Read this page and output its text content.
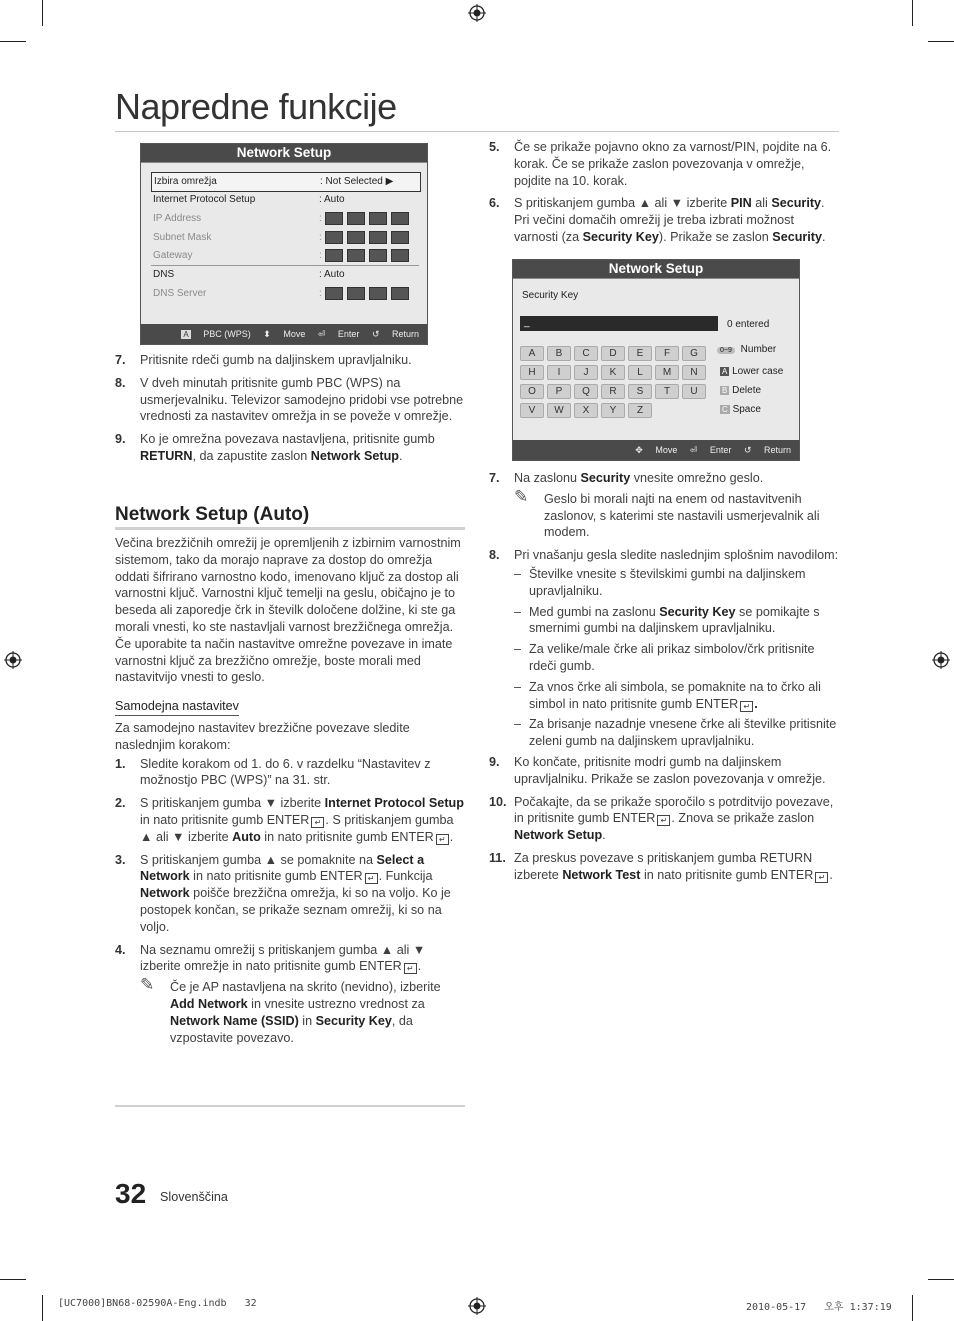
Napredne funkcije
Network Setup
Izbira omrežja	: Not Selected ▶
Internet Protocol Setup	: Auto
IP Address	:
Subnet Mask	:
Gateway	:
DNS	: Auto
DNS Server	:
A PBC (WPS) ⬍ Move ⏎ Enter ↺ Return
7. Pritisnite rdeči gumb na daljinskem upravljalniku.
8. V dveh minutah pritisnite gumb PBC (WPS) na usmerjevalniku. Televizor samodejno pridobi vse potrebne vrednosti za nastavitev omrežja in se poveže v omrežje.
9. Ko je omrežna povezava nastavljena, pritisnite gumb RETURN, da zapustite zaslon Network Setup.
Network Setup (Auto)

Večina brezžičnih omrežij je opremljenih z izbirnim varnostnim sistemom, tako da morajo naprave za dostop do omrežja oddati šifrirano varnostno kodo, imenovano ključ za dostop ali varnostni ključ. Varnostni ključ temelji na geslu, običajno je to beseda ali zaporedje črk in številk določene dolžine, ki ste ga morali vnesti, ko ste nastavljali varnost brezžičnega omrežja. Če uporabite ta način nastavitve omrežne povezave in imate varnostni ključ za brezžično omrežje, boste morali med nastavitvijo vnesti to geslo.

Samodejna nastavitev

Za samodejno nastavitev brezžične povezave sledite naslednjim korakom:

1. Sledite korakom od 1. do 6. v razdelku “Nastavitev z možnostjo PBC (WPS)” na 31. str.
2. S pritiskanjem gumba ▼ izberite Internet Protocol Setup in nato pritisnite gumb ENTER ↵ . S pritiskanjem gumba ▲ ali ▼ izberite Auto in nato pritisnite gumb ENTER ↵ .
3. S pritiskanjem gumba ▲ se pomaknite na Select a Network in nato pritisnite gumb ENTER ↵ . Funkcija Network poišče brezžična omrežja, ki so na voljo. Ko je postopek končan, se prikaže seznam omrežij, ki so na voljo.
4. Na seznamu omrežij s pritiskanjem gumba ▲ ali ▼ izberite omrežje in nato pritisnite gumb ENTER ↵ .
✎ Če je AP nastavljena na skrito (nevidno), izberite Add Network in vnesite ustrezno vrednost za Network Name (SSID) in Security Key, da vzpostavite povezavo.
5. Če se prikaže pojavno okno za varnost/PIN, pojdite na 6. korak. Če se prikaže zaslon povezovanja v omrežje, pojdite na 10. korak.
6. S pritiskanjem gumba ▲ ali ▼ izberite PIN ali Security. Pri večini domačih omrežij je treba izbrati možnost varnosti (za Security Key). Prikaže se zaslon Security.
Network Setup
Security Key
_	0 entered
A	B	C	D	E	F	G
H	I	J	K	L	M	N
O	P	Q	R	S	T	U
V	W	X	Y	Z
0~9 Number
A Lower case
B Delete
C Space
✥ Move ⏎ Enter ↺ Return
7. Na zaslonu Security vnesite omrežno geslo.
✎ Geslo bi morali najti na enem od nastavitvenih zaslonov, s katerimi ste nastavili usmerjevalnik ali modem.
8. Pri vnašanju gesla sledite naslednjim splošnim navodilom:
– Številke vnesite s številskimi gumbi na daljinskem upravljalniku.
– Med gumbi na zaslonu Security Key se pomikajte s smernimi gumbi na daljinskem upravljalniku.
– Za velike/male črke ali prikaz simbolov/črk pritisnite rdeči gumb.
– Za vnos črke ali simbola, se pomaknite na to črko ali simbol in nato pritisnite gumb ENTER ↵ .
– Za brisanje nazadnje vnesene črke ali številke pritisnite zeleni gumb na daljinskem upravljalniku.
9. Ko končate, pritisnite modri gumb na daljinskem upravljalniku. Prikaže se zaslon povezovanja v omrežje.
10. Počakajte, da se prikaže sporočilo s potrditvijo povezave, in pritisnite gumb ENTER ↵ . Znova se prikaže zaslon Network Setup.
11. Za preskus povezave s pritiskanjem gumba RETURN izberete Network Test in nato pritisnite gumb ENTER ↵ .
32 Slovenščina
[UC7000]BN68-02590A-Eng.indb   32	2010-05-17   오후 1:37:19
